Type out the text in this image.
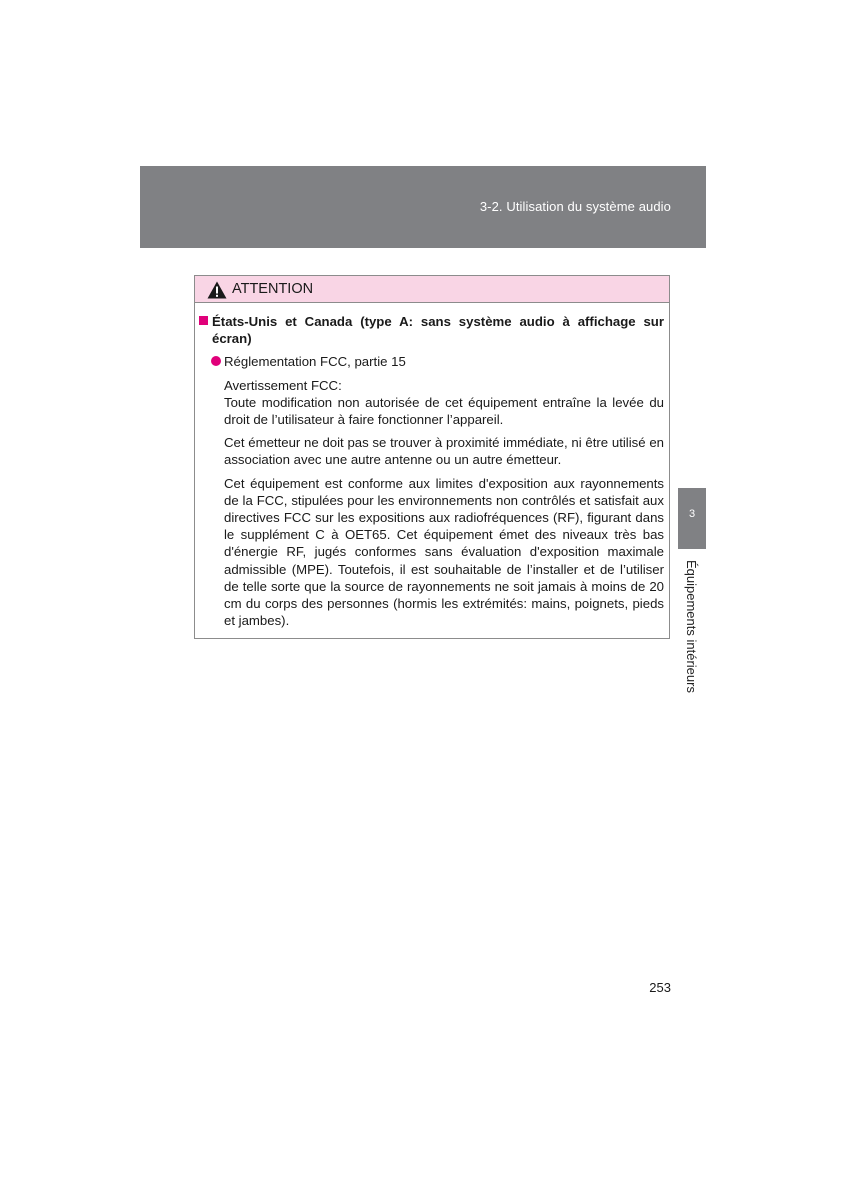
3-2. Utilisation du système audio
3
Équipements intérieurs
ATTENTION
États-Unis et Canada (type A: sans système audio à affichage sur écran)
Réglementation FCC, partie 15
Avertissement FCC:
Toute modification non autorisée de cet équipement entraîne la levée du droit de l’utilisateur à faire fonctionner l’appareil.
Cet émetteur ne doit pas se trouver à proximité immédiate, ni être utilisé en association avec une autre antenne ou un autre émetteur.
Cet équipement est conforme aux limites d'exposition aux rayonnements de la FCC, stipulées pour les environnements non contrôlés et satisfait aux directives FCC sur les expositions aux radiofréquences (RF), figurant dans le supplément C à OET65. Cet équipement émet des niveaux très bas d'énergie RF, jugés conformes sans évaluation d'exposition maximale admissible (MPE). Toutefois, il est souhaitable de l’installer et de l’utiliser de telle sorte que la source de rayonnements ne soit jamais à moins de 20 cm du corps des personnes (hormis les extrémités: mains, poignets, pieds et jambes).
253
